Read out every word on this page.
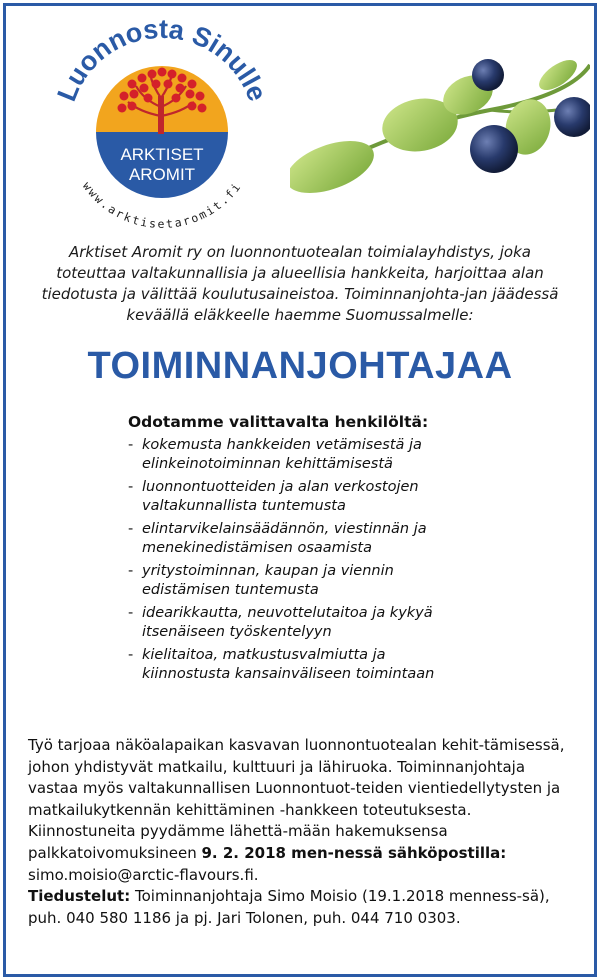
Luonnosta Sinulle
ARKTISET
AROMIT
www.arktisetaromit.fi
Arktiset Aromit ry on luonnontuotealan toimialayhdistys, joka toteuttaa valtakunnallisia ja alueellisia hankkeita, harjoittaa alan tiedotusta ja välittää koulutusaineistoa. Toiminnanjohta-jan jäädessä keväällä eläkkeelle haemme Suomussalmelle:
TOIMINNANJOHTAJAA
Odotamme valittavalta henkilöltä:
- kokemusta hankkeiden vetämisestä ja
elinkeinotoiminnan kehittämisestä
- luonnontuotteiden ja alan verkostojen
valtakunnallista tuntemusta
- elintarvikelainsäädännön, viestinnän ja
menekinedistämisen osaamista
- yritystoiminnan, kaupan ja viennin
edistämisen tuntemusta
- idearikkautta, neuvottelutaitoa ja kykyä
itsenäiseen työskentelyyn
- kielitaitoa, matkustusvalmiutta ja
kiinnostusta kansainväliseen toimintaan

Työ tarjoaa näköalapaikan kasvavan luonnontuotealan kehit-tämisessä, johon yhdistyvät matkailu, kulttuuri ja lähiruoka. Toiminnanjohtaja vastaa myös valtakunnallisen Luonnontuot-teiden vientiedellytysten ja matkailukytkennän kehittäminen -hankkeen toteutuksesta. Kiinnostuneita pyydämme lähettä-mään hakemuksensa palkkatoivomuksineen 9. 2. 2018 men-nessä sähköpostilla: simo.moisio@arctic-flavours.fi.

Tiedustelut: Toiminnanjohtaja Simo Moisio (19.1.2018 menness-sä), puh. 040 580 1186 ja pj. Jari Tolonen, puh. 044 710 0303.
